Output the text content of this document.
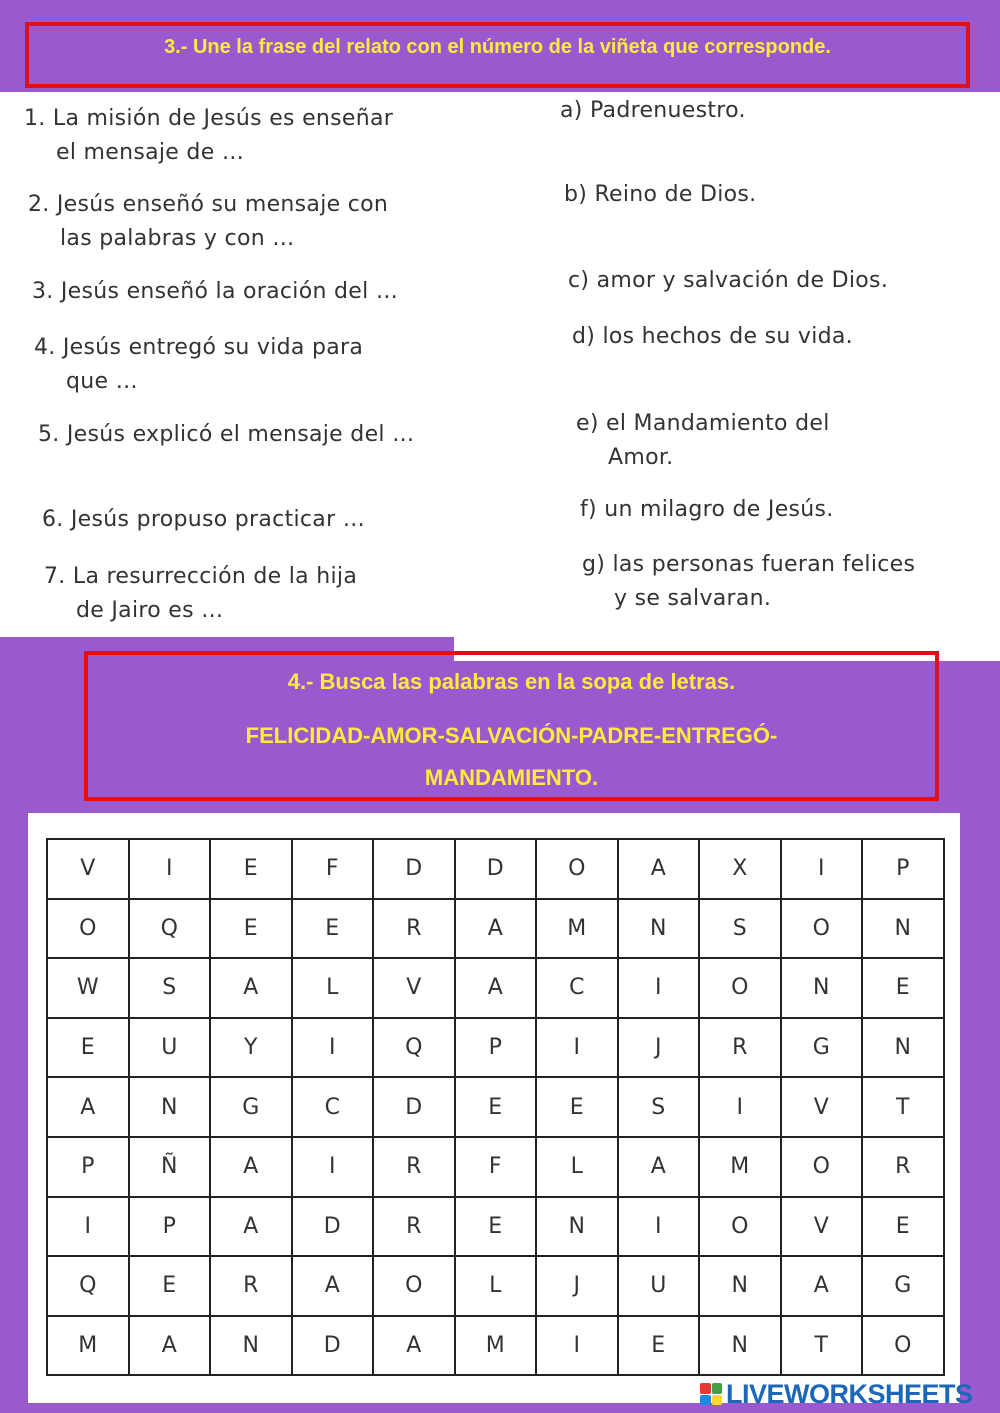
3.- Une la frase del relato con el número de la viñeta que corresponde.
1. La misión de Jesús es enseñar
el mensaje de …
2. Jesús enseñó su mensaje con
las palabras y con …
3. Jesús enseñó la oración del …
4. Jesús entregó su vida para
que …
5. Jesús explicó el mensaje del …
6. Jesús propuso practicar …
7. La resurrección de la hija
de Jairo es …
a) Padrenuestro.
b) Reino de Dios.
c) amor y salvación de Dios.
d) los hechos de su vida.
e) el Mandamiento del
Amor.
f) un milagro de Jesús.
g) las personas fueran felices
y se salvaran.
4.- Busca las palabras en la sopa de letras.
FELICIDAD-AMOR-SALVACIÓN-PADRE-ENTREGÓ-MANDAMIENTO.
V	I	E	F	D	D	O	A	X	I	P
O	Q	E	E	R	A	M	N	S	O	N
W	S	A	L	V	A	C	I	O	N	E
E	U	Y	I	Q	P	I	J	R	G	N
A	N	G	C	D	E	E	S	I	V	T
P	Ñ	A	I	R	F	L	A	M	O	R
I	P	A	D	R	E	N	I	O	V	E
Q	E	R	A	O	L	J	U	N	A	G
M	A	N	D	A	M	I	E	N	T	O
LIVEWORKSHEETS
